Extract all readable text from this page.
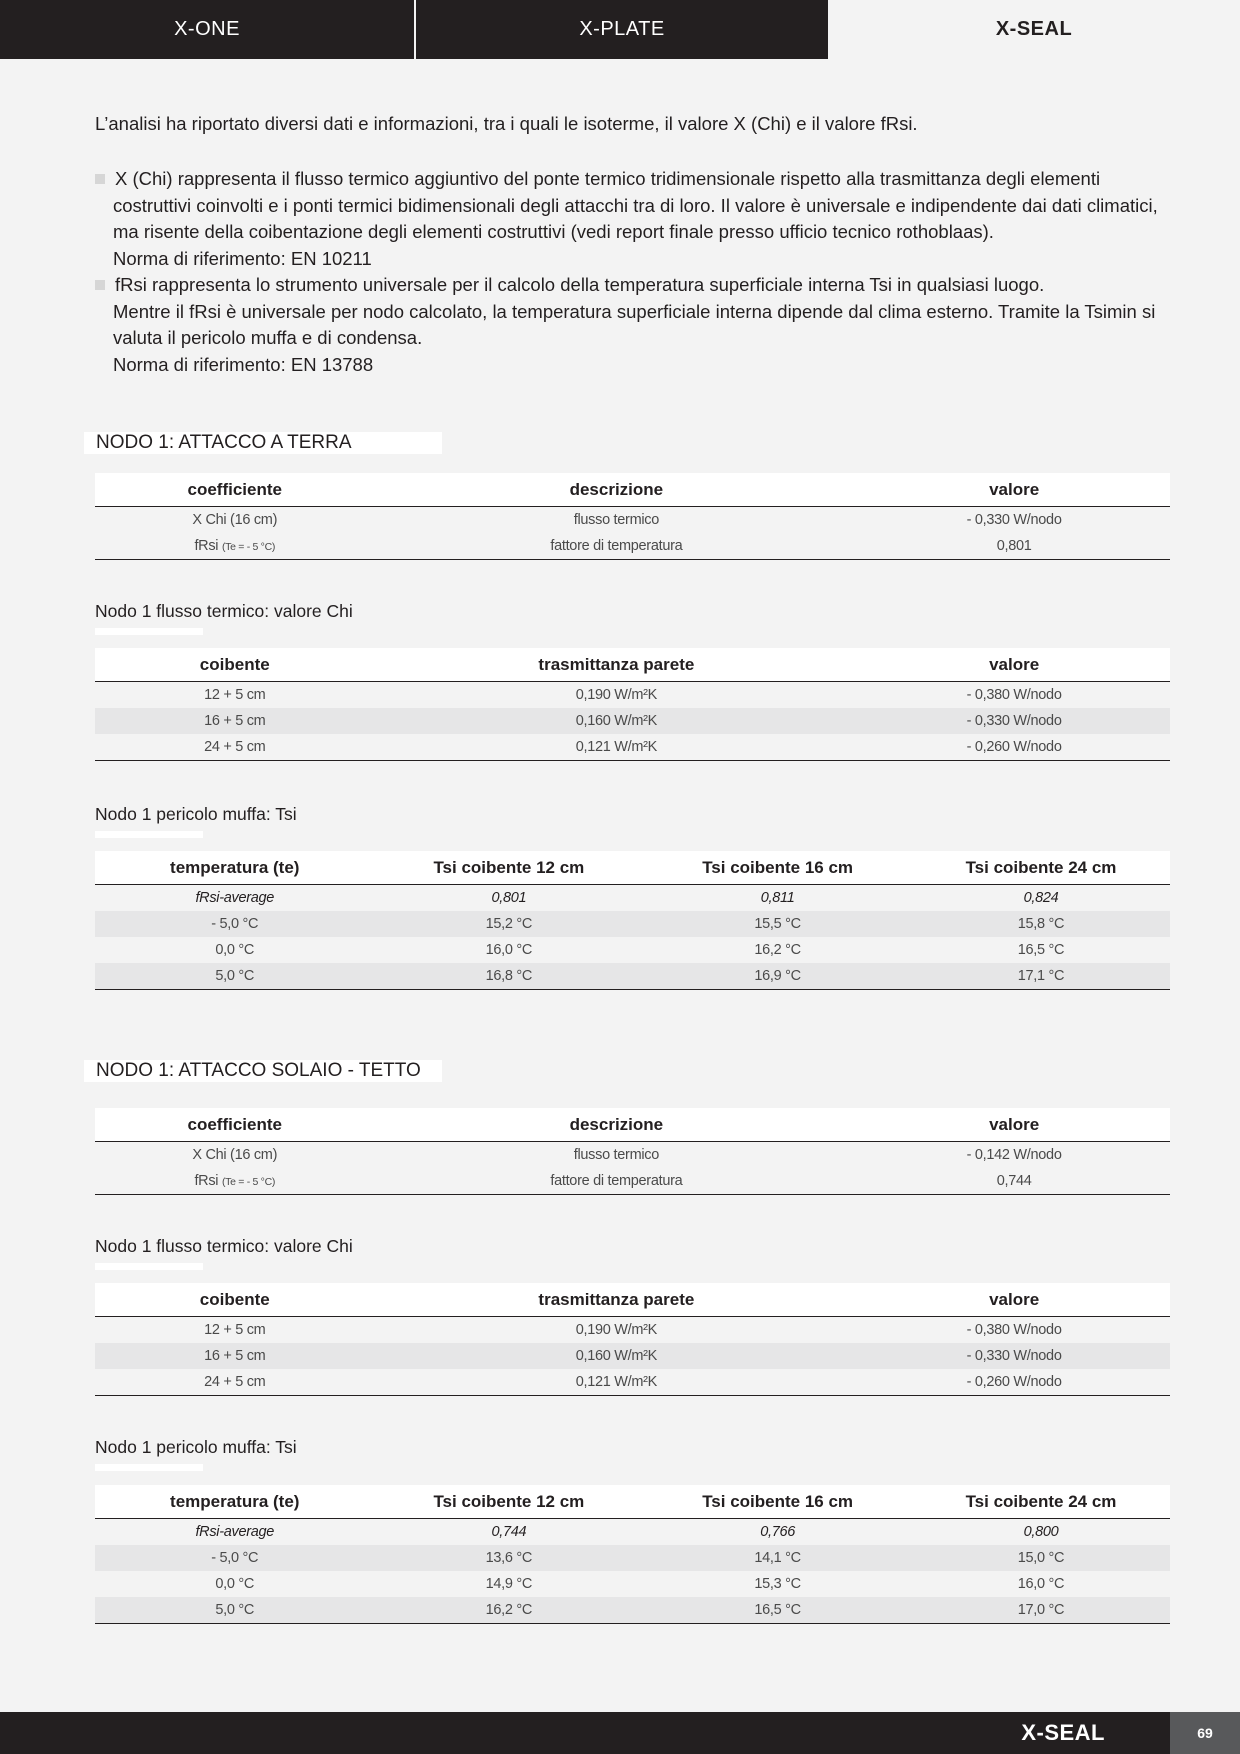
X-ONE	X-PLATE	X-SEAL

L’analisi ha riportato diversi dati e informazioni, tra i quali le isoterme, il valore X (Chi) e il valore fRsi.

X (Chi) rappresenta il flusso termico aggiuntivo del ponte termico tridimensionale rispetto alla trasmittanza degli elementi
costruttivi coinvolti e i ponti termici bidimensionali degli attacchi tra di loro. Il valore è universale e indipendente dai dati climatici,
ma risente della coibentazione degli elementi costruttivi (vedi report finale presso ufficio tecnico rothoblaas).
Norma di riferimento: EN 10211
fRsi rappresenta lo strumento universale per il calcolo della temperatura superficiale interna Tsi in qualsiasi luogo.
Mentre il fRsi è universale per nodo calcolato, la temperatura superficiale interna dipende dal clima esterno. Tramite la Tsimin si
valuta il pericolo muffa e di condensa.
Norma di riferimento: EN 13788
NODO 1: ATTACCO A TERRA
coefficiente	descrizione	valore
X Chi (16 cm)	flusso termico	- 0,330 W/nodo
fRsi (Te = - 5 °C)	fattore di temperatura	0,801
Nodo 1 flusso termico: valore Chi
coibente	trasmittanza parete	valore
12 + 5 cm	0,190 W/m²K	- 0,380 W/nodo
16 + 5 cm	0,160 W/m²K	- 0,330 W/nodo
24 + 5 cm	0,121 W/m²K	- 0,260 W/nodo
Nodo 1 pericolo muffa: Tsi
temperatura (te)	Tsi coibente 12 cm	Tsi coibente 16 cm	Tsi coibente 24 cm
fRsi-average	0,801	0,811	0,824
- 5,0 °C	15,2 °C	15,5 °C	15,8 °C
0,0 °C	16,0 °C	16,2 °C	16,5 °C
5,0 °C	16,8 °C	16,9 °C	17,1 °C
NODO 1: ATTACCO SOLAIO - TETTO
coefficiente	descrizione	valore
X Chi (16 cm)	flusso termico	- 0,142 W/nodo
fRsi (Te = - 5 °C)	fattore di temperatura	0,744
Nodo 1 flusso termico: valore Chi
coibente	trasmittanza parete	valore
12 + 5 cm	0,190 W/m²K	- 0,380 W/nodo
16 + 5 cm	0,160 W/m²K	- 0,330 W/nodo
24 + 5 cm	0,121 W/m²K	- 0,260 W/nodo
Nodo 1 pericolo muffa: Tsi
temperatura (te)	Tsi coibente 12 cm	Tsi coibente 16 cm	Tsi coibente 24 cm
fRsi-average	0,744	0,766	0,800
- 5,0 °C	13,6 °C	14,1 °C	15,0 °C
0,0 °C	14,9 °C	15,3 °C	16,0 °C
5,0 °C	16,2 °C	16,5 °C	17,0 °C
X-SEAL	69
